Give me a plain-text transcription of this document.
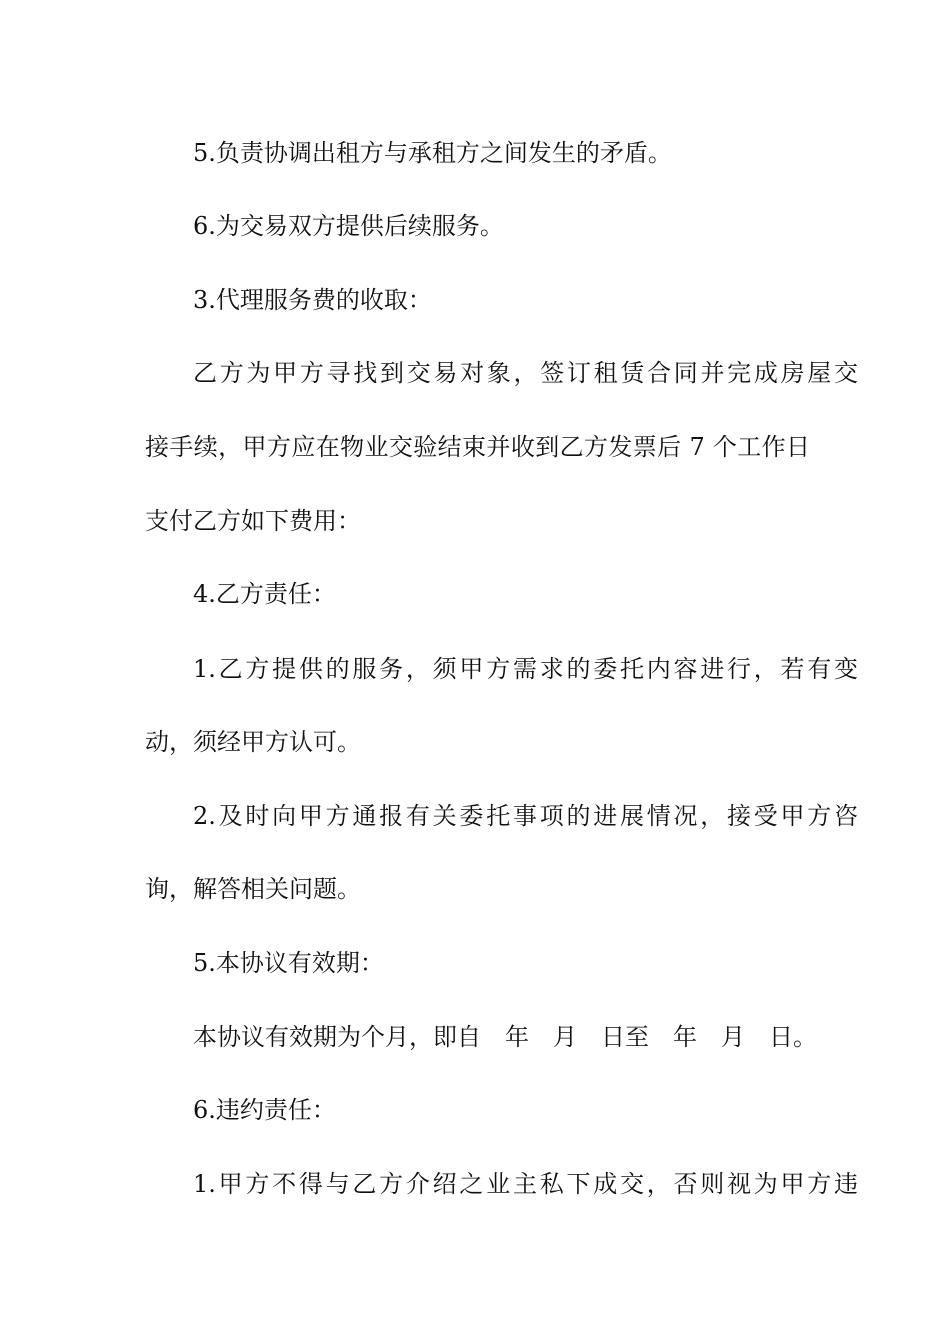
5.负责协调出租方与承租方之间发生的矛盾。

6.为交易双方提供后续服务。

3.代理服务费的收取：

乙方为甲方寻找到交易对象，签订租赁合同并完成房屋交

接手续，甲方应在物业交验结束并收到乙方发票后 7 个工作日

支付乙方如下费用：

4.乙方责任：

1.乙方提供的服务，须甲方需求的委托内容进行，若有变

动，须经甲方认可。

2.及时向甲方通报有关委托事项的进展情况，接受甲方咨

询，解答相关问题。

5.本协议有效期：

本协议有效期为个月，即自　年　月　日至　年　月　日。

6.违约责任：

1.甲方不得与乙方介绍之业主私下成交，否则视为甲方违
